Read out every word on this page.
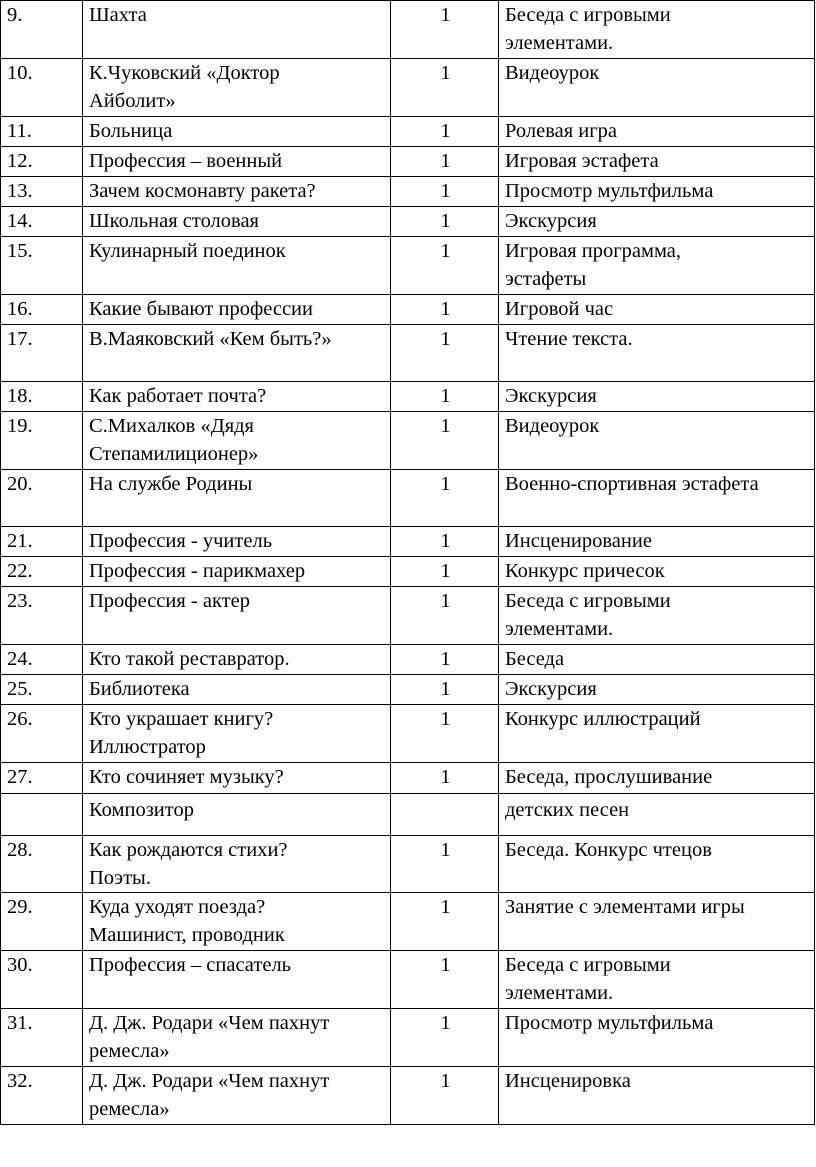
9.	Шахта	1	Беседа с игровыми
элементами.

10.	К.Чуковский «Доктор
Айболит»	1	Видеоурок

11.	Больница	1	Ролевая игра

12.	Профессия – военный	1	Игровая эстафета

13.	Зачем космонавту ракета?	1	Просмотр мультфильма

14.	Школьная столовая	1	Экскурсия

15.	Кулинарный поединок	1	Игровая программа,
эстафеты

16.	Какие бывают профессии	1	Игровой час

17.	В.Маяковский «Кем быть?»	1	Чтение текста.

18.	Как работает почта?	1	Экскурсия

19.	С.Михалков «Дядя
Степамилиционер»	1	Видеоурок

20.	На службе Родины	1	Военно-спортивная эстафета

21.	Профессия - учитель	1	Инсценирование

22.	Профессия - парикмахер	1	Конкурс причесок

23.	Профессия - актер	1	Беседа с игровыми
элементами.

24.	Кто такой реставратор.	1	Беседа

25.	Библиотека	1	Экскурсия

26.	Кто украшает книгу?
Иллюстратор	1	Конкурс иллюстраций

27.	Кто сочиняет музыку?	1	Беседа, прослушивание

	Композитор		детских песен

28.	Как рождаются стихи?
Поэты.	1	Беседа. Конкурс чтецов

29.	Куда уходят поезда?
Машинист, проводник	1	Занятие с элементами игры

30.	Профессия – спасатель	1	Беседа с игровыми
элементами.

31.	Д. Дж. Родари «Чем пахнут
ремесла»	1	Просмотр мультфильма

32.	Д. Дж. Родари «Чем пахнут
ремесла»	1	Инсценировка
